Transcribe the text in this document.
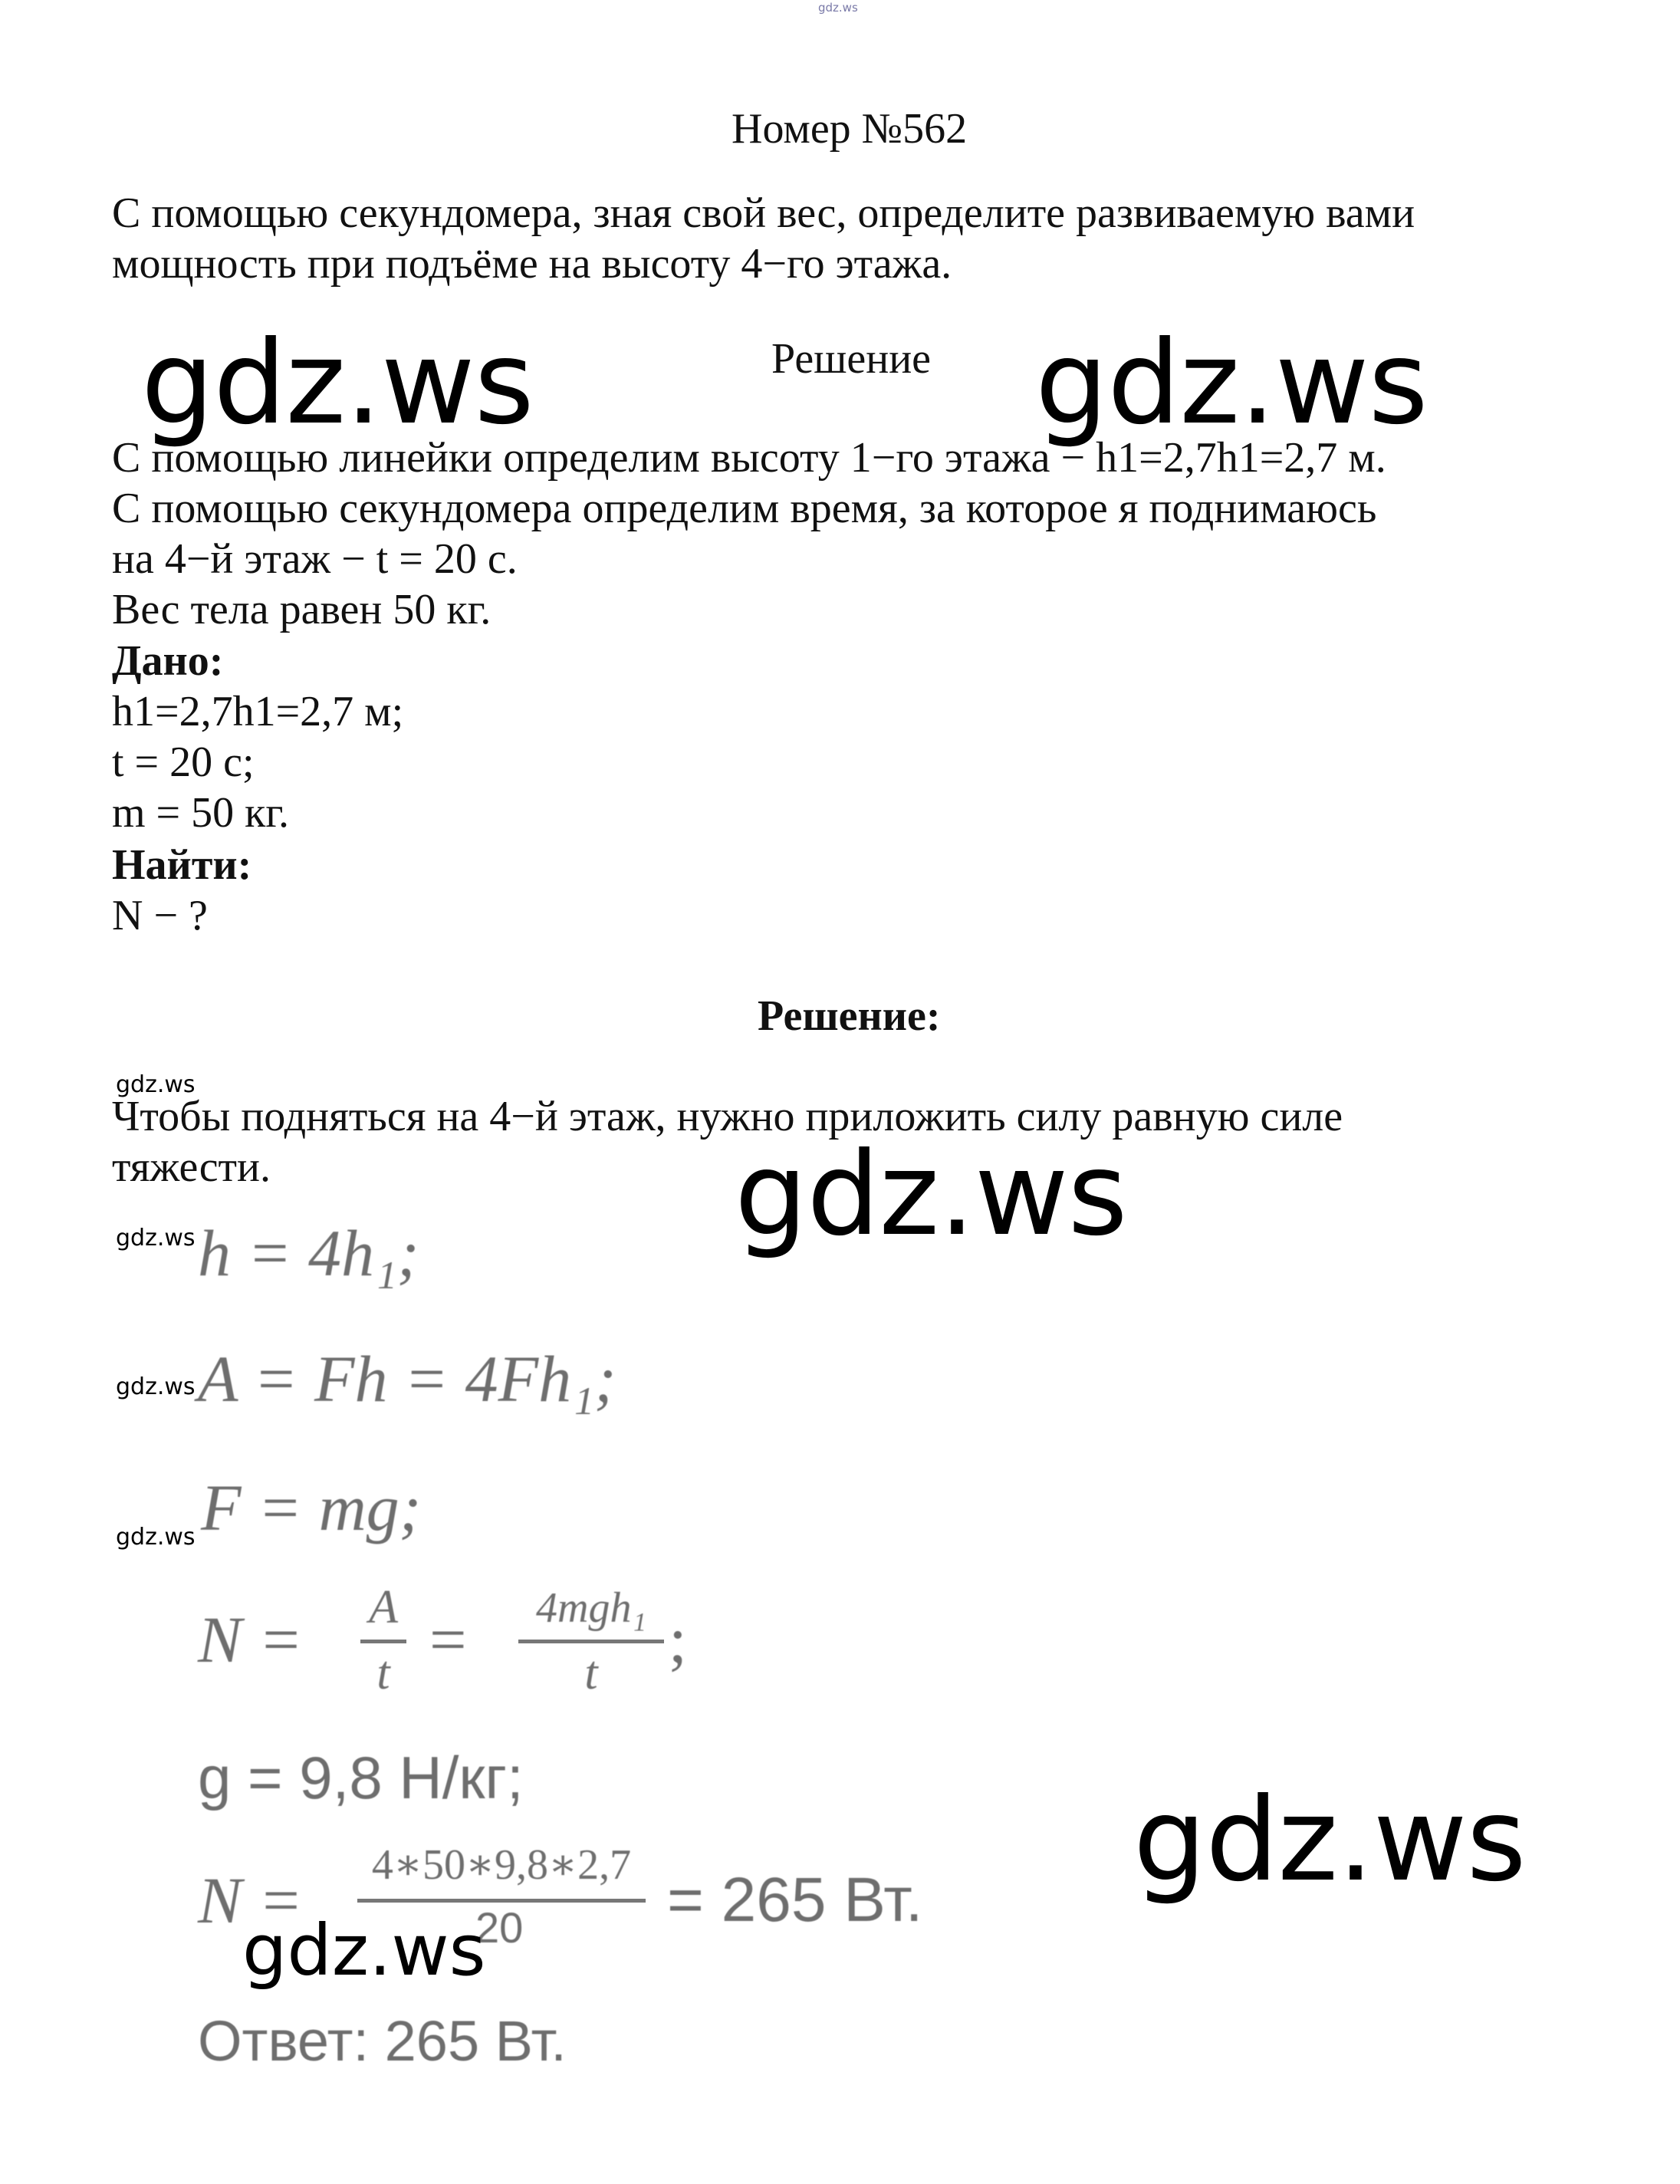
gdz.ws
Номер №562
С помощью секундомера, зная свой вес, определите развиваемую вами
мощность при подъёме на высоту 4−го этажа.
gdz.ws	Решение gdz.ws
С помощью линейки определим высоту 1−го этажа − h1=2,7h1=2,7 м.
С помощью секундомера определим время, за которое я поднимаюсь
на 4−й этаж − t = 20 с.
Вес тела равен 50 кг.
Дано:
h1=2,7h1=2,7 м;
t = 20 с;
m = 50 кг.
Найти:
N − ?
Решение:
gdz.ws
Чтобы подняться на 4−й этаж, нужно приложить силу равную силе
тяжести.	gdz.ws
gdz.ws h = 4h₁;
gdz.ws A = Fh = 4Fh₁;
gdz.ws F = mg;
N = A
t =	4mgh₁
t	;
g = 9,8 Н/кг;	gdz.ws
N =	4∗50∗9,8∗2,7
20 = 265 Вт.
gdz.ws
Ответ: 265 Вт.
